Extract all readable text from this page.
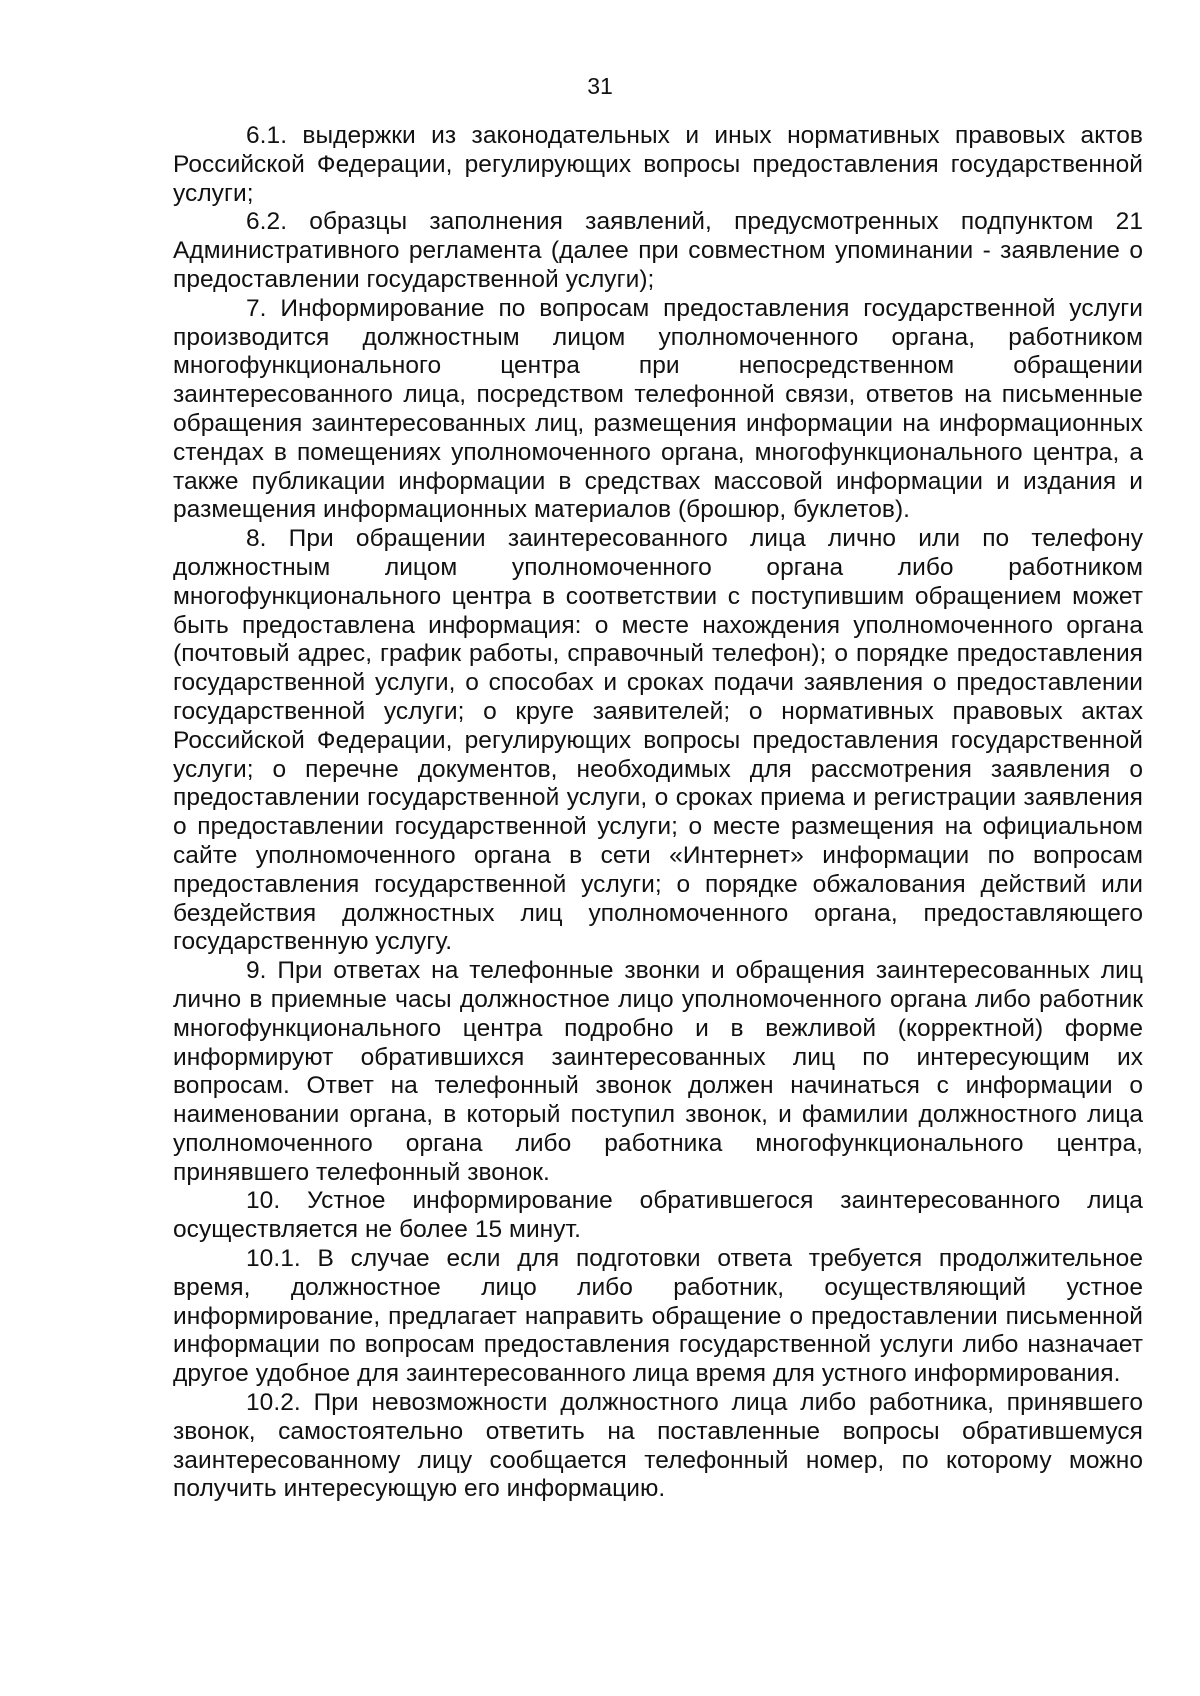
31

6.1. выдержки из законодательных и иных нормативных правовых актов Российской Федерации, регулирующих вопросы предоставления государственной услуги;

6.2. образцы заполнения заявлений, предусмотренных подпунктом 21 Административного регламента (далее при совместном упоминании - заявление о предоставлении государственной услуги);

7. Информирование по вопросам предоставления государственной услуги производится должностным лицом уполномоченного органа, работником многофункционального центра при непосредственном обращении заинтересованного лица, посредством телефонной связи, ответов на письменные обращения заинтересованных лиц, размещения информации на информационных стендах в помещениях уполномоченного органа, многофункционального центра, а также публикации информации в средствах массовой информации и издания и размещения информационных материалов (брошюр, буклетов).

8. При обращении заинтересованного лица лично или по телефону должностным лицом уполномоченного органа либо работником многофункционального центра в соответствии с поступившим обращением может быть предоставлена информация: о месте нахождения уполномоченного органа (почтовый адрес, график работы, справочный телефон); о порядке предоставления государственной услуги, о способах и сроках подачи заявления о предоставлении государственной услуги; о круге заявителей; о нормативных правовых актах Российской Федерации, регулирующих вопросы предоставления государственной услуги; о перечне документов, необходимых для рассмотрения заявления о предоставлении государственной услуги, о сроках приема и регистрации заявления о предоставлении государственной услуги; о месте размещения на официальном сайте уполномоченного органа в сети «Интернет» информации по вопросам предоставления государственной услуги; о порядке обжалования действий или бездействия должностных лиц уполномоченного органа, предоставляющего государственную услугу.

9. При ответах на телефонные звонки и обращения заинтересованных лиц лично в приемные часы должностное лицо уполномоченного органа либо работник многофункционального центра подробно и в вежливой (корректной) форме информируют обратившихся заинтересованных лиц по интересующим их вопросам. Ответ на телефонный звонок должен начинаться с информации о наименовании органа, в который поступил звонок, и фамилии должностного лица уполномоченного органа либо работника многофункционального центра, принявшего телефонный звонок.

10. Устное информирование обратившегося заинтересованного лица осуществляется не более 15 минут.

10.1. В случае если для подготовки ответа требуется продолжительное время, должностное лицо либо работник, осуществляющий устное информирование, предлагает направить обращение о предоставлении письменной информации по вопросам предоставления государственной услуги либо назначает другое удобное для заинтересованного лица время для устного информирования.

10.2. При невозможности должностного лица либо работника, принявшего звонок, самостоятельно ответить на поставленные вопросы обратившемуся заинтересованному лицу сообщается телефонный номер, по которому можно получить интересующую его информацию.
